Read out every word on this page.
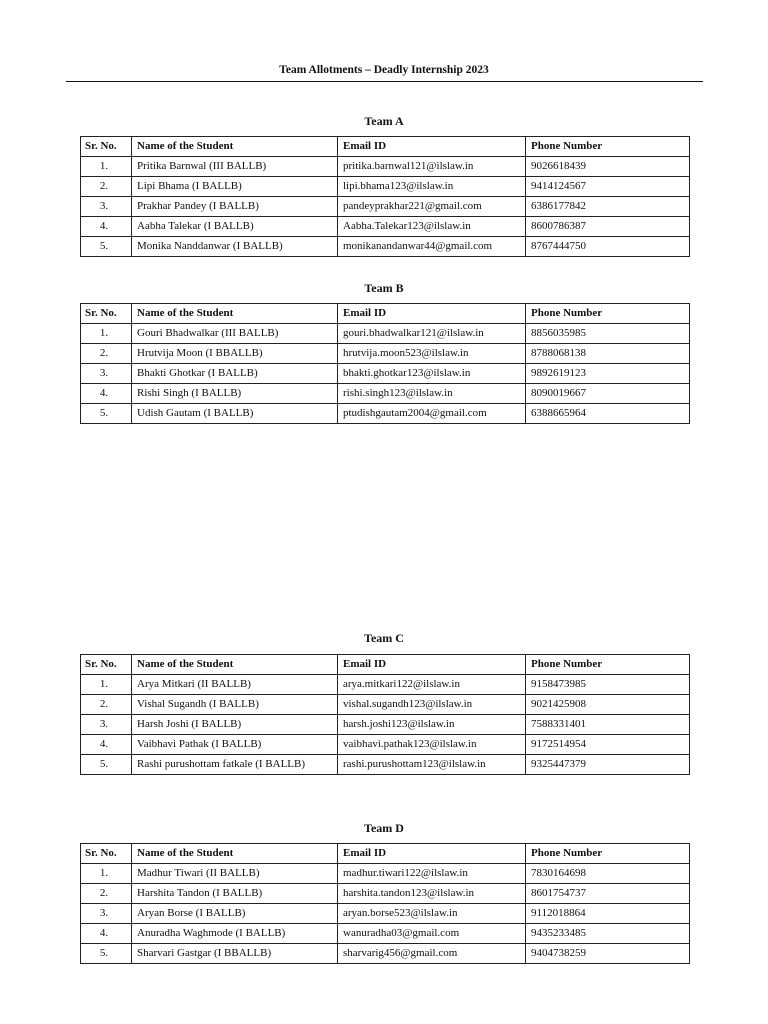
Team Allotments – Deadly Internship 2023
Team A
Sr. No.	Name of the Student	Email ID	Phone Number
1.	Pritika Barnwal (III BALLB)	pritika.barnwal121@ilslaw.in	9026618439
2.	Lipi Bhama (I BALLB)	lipi.bhama123@ilslaw.in	9414124567
3.	Prakhar Pandey (I BALLB)	pandeyprakhar221@gmail.com	6386177842
4.	Aabha Talekar (I BALLB)	Aabha.Talekar123@ilslaw.in	8600786387
5.	Monika Nanddanwar (I BALLB)	monikanandanwar44@gmail.com	8767444750
Team B
Sr. No.	Name of the Student	Email ID	Phone Number
1.	Gouri Bhadwalkar (III BALLB)	gouri.bhadwalkar121@ilslaw.in	8856035985
2.	Hrutvija Moon (I BBALLB)	hrutvija.moon523@ilslaw.in	8788068138
3.	Bhakti Ghotkar (I BALLB)	bhakti.ghotkar123@ilslaw.in	9892619123
4.	Rishi Singh (I BALLB)	rishi.singh123@ilslaw.in	8090019667
5.	Udish Gautam (I BALLB)	ptudishgautam2004@gmail.com	6388665964
Team C
Sr. No.	Name of the Student	Email ID	Phone Number
1.	Arya Mitkari (II BALLB)	arya.mitkari122@ilslaw.in	9158473985
2.	Vishal Sugandh (I BALLB)	vishal.sugandh123@ilslaw.in	9021425908
3.	Harsh Joshi (I BALLB)	harsh.joshi123@ilslaw.in	7588331401
4.	Vaibhavi Pathak (I BALLB)	vaibhavi.pathak123@ilslaw.in	9172514954
5.	Rashi purushottam fatkale (I BALLB)	rashi.purushottam123@ilslaw.in	9325447379
Team D
Sr. No.	Name of the Student	Email ID	Phone Number
1.	Madhur Tiwari (II BALLB)	madhur.tiwari122@ilslaw.in	7830164698
2.	Harshita Tandon (I BALLB)	harshita.tandon123@ilslaw.in	8601754737
3.	Aryan Borse (I BALLB)	aryan.borse523@ilslaw.in	9112018864
4.	Anuradha Waghmode (I BALLB)	wanuradha03@gmail.com	9435233485
5.	Sharvari Gastgar (I BBALLB)	sharvarig456@gmail.com	9404738259
